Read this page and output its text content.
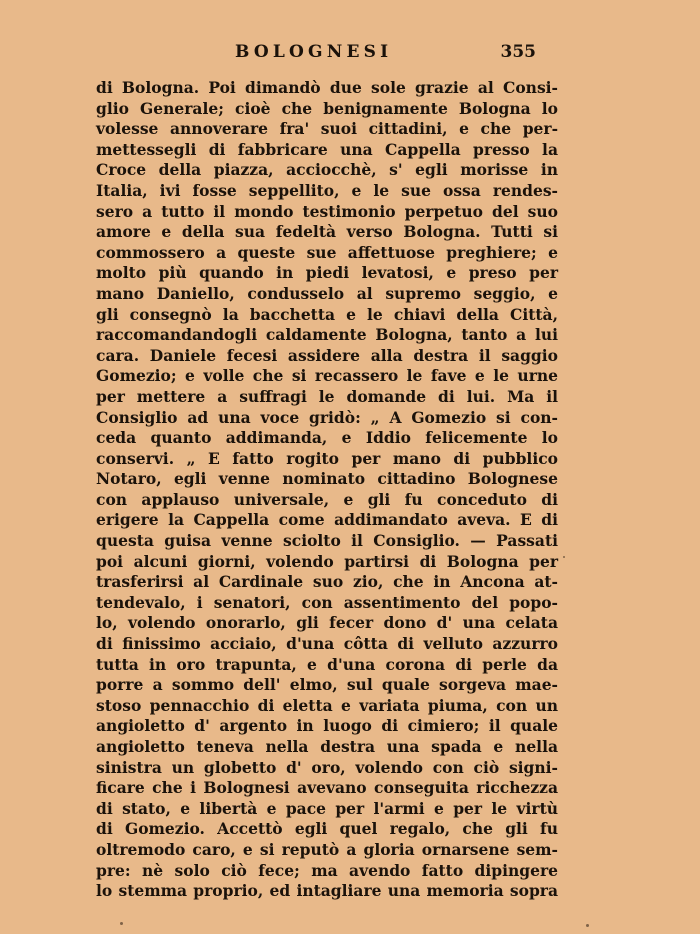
BOLOGNESI	355
di Bologna. Poi dimandò due sole grazie al Consi-
glio Generale; cioè che benignamente Bologna lo
volesse annoverare fra' suoi cittadini, e che per-
mettessegli di fabbricare una Cappella presso la
Croce della piazza, acciocchè, s' egli morisse in
Italia, ivi fosse seppellito, e le sue ossa rendes-
sero a tutto il mondo testimonio perpetuo del suo
amore e della sua fedeltà verso Bologna. Tutti si
commossero a queste sue affettuose preghiere; e
molto più quando in piedi levatosi, e preso per
mano Daniello, condusselo al supremo seggio, e
gli consegnò la bacchetta e le chiavi della Città,
raccomandandogli caldamente Bologna, tanto a lui
cara. Daniele fecesi assidere alla destra il saggio
Gomezio; e volle che si recassero le fave e le urne
per mettere a suffragi le domande di lui. Ma il
Consiglio ad una voce gridò: „ A Gomezio si con-
ceda quanto addimanda, e Iddio felicemente lo
conservi. „ E fatto rogito per mano di pubblico
Notaro, egli venne nominato cittadino Bolognese
con applauso universale, e gli fu conceduto di
erigere la Cappella come addimandato aveva. E di
questa guisa venne sciolto il Consiglio. — Passati
poi alcuni giorni, volendo partirsi di Bologna per
trasferirsi al Cardinale suo zio, che in Ancona at-
tendevalo, i senatori, con assentimento del popo-
lo, volendo onorarlo, gli fecer dono d' una celata
di finissimo acciaio, d'una côtta di velluto azzurro
tutta in oro trapunta, e d'una corona di perle da
porre a sommo dell' elmo, sul quale sorgeva mae-
stoso pennacchio di eletta e variata piuma, con un
angioletto d' argento in luogo di cimiero; il quale
angioletto teneva nella destra una spada e nella
sinistra un globetto d' oro, volendo con ciò signi-
ficare che i Bolognesi avevano conseguita ricchezza
di stato, e libertà e pace per l'armi e per le virtù
di Gomezio. Accettò egli quel regalo, che gli fu
oltremodo caro, e si reputò a gloria ornarsene sem-
pre: nè solo ciò fece; ma avendo fatto dipingere
lo stemma proprio, ed intagliare una memoria sopra
